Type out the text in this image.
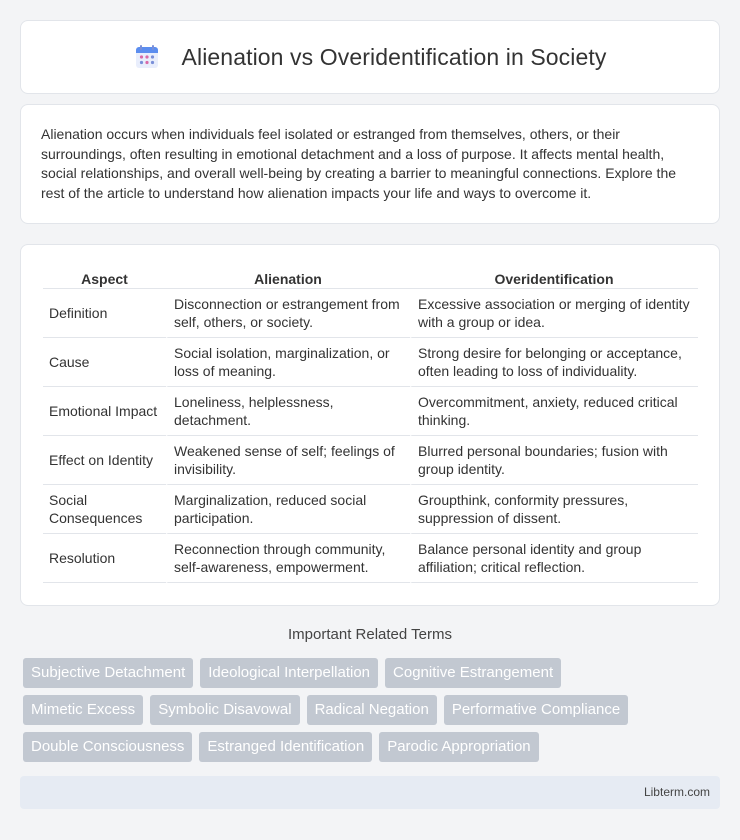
Alienation vs Overidentification in Society

Alienation occurs when individuals feel isolated or estranged from themselves, others, or their surroundings, often resulting in emotional detachment and a loss of purpose. It affects mental health, social relationships, and overall well-being by creating a barrier to meaningful connections. Explore the rest of the article to understand how alienation impacts your life and ways to overcome it.

Aspect	Alienation	Overidentification
Definition	Disconnection or estrangement from self, others, or society.	Excessive association or merging of identity with a group or idea.
Cause	Social isolation, marginalization, or loss of meaning.	Strong desire for belonging or acceptance, often leading to loss of individuality.
Emotional Impact	Loneliness, helplessness, detachment.	Overcommitment, anxiety, reduced critical thinking.
Effect on Identity	Weakened sense of self; feelings of invisibility.	Blurred personal boundaries; fusion with group identity.
Social Consequences	Marginalization, reduced social participation.	Groupthink, conformity pressures, suppression of dissent.
Resolution	Reconnection through community, self-awareness, empowerment.	Balance personal identity and group affiliation; critical reflection.
Important Related Terms
Subjective Detachment	Ideological Interpellation	Cognitive Estrangement
Mimetic Excess	Symbolic Disavowal	Radical Negation	Performative Compliance
Double Consciousness	Estranged Identification	Parodic Appropriation
Libterm.com
